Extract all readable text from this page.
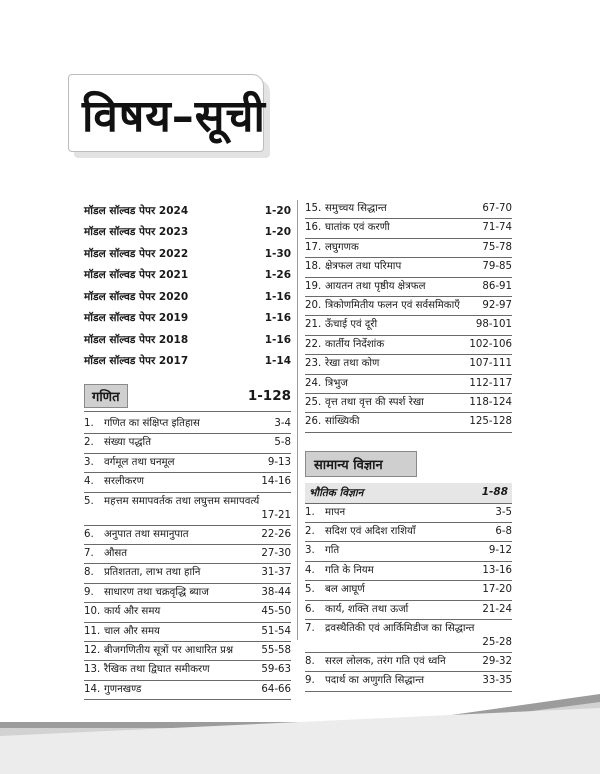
विषय–सूची
मॉडल सॉल्वड पेपर 2024	1-20
मॉडल सॉल्वड पेपर 2023	1-20
मॉडल सॉल्वड पेपर 2022	1-30
मॉडल सॉल्वड पेपर 2021	1-26
मॉडल सॉल्वड पेपर 2020	1-16
मॉडल सॉल्वड पेपर 2019	1-16
मॉडल सॉल्वड पेपर 2018	1-16
मॉडल सॉल्वड पेपर 2017	1-14
गणित	1-128
1.	गणित का संक्षिप्त इतिहास	3-4
2.	संख्या पद्धति	5-8
3.	वर्गमूल तथा घनमूल	9-13
4.	सरलीकरण	14-16
5.	महत्तम समापवर्तक तथा लघुत्तम समापवर्त्य
17-21
6.	अनुपात तथा समानुपात	22-26
7.	औसत	27-30
8.	प्रतिशतता, लाभ तथा हानि	31-37
9.	साधारण तथा चक्रवृद्धि ब्याज	38-44
10. कार्य और समय	45-50
11. चाल और समय	51-54
12. बीजगणितीय सूत्रों पर आधारित प्रश्न	55-58
13. रैखिक तथा द्विघात समीकरण	59-63
14. गुणनखण्ड	64-66
15. समुच्चय सिद्धान्त	67-70
16. घातांक एवं करणी	71-74
17. लघुगणक	75-78
18. क्षेत्रफल तथा परिमाप	79-85
19. आयतन तथा पृष्ठीय क्षेत्रफल	86-91
20. त्रिकोणमितीय फलन एवं सर्वसमिकाएँ	92-97
21. ऊँचाई एवं दूरी	98-101
22. कार्तीय निर्देशांक	102-106
23. रेखा तथा कोण	107-111
24. त्रिभुज	112-117
25. वृत्त तथा वृत्त की स्पर्श रेखा	118-124
26. सांख्यिकी	125-128
सामान्य विज्ञान
भौतिक विज्ञान	1-88
1.	मापन	3-5
2.	सदिश एवं अदिश राशियाँ	6-8
3.	गति	9-12
4.	गति के नियम	13-16
5.	बल आघूर्ण	17-20
6.	कार्य, शक्ति तथा ऊर्जा	21-24
7.	द्रवस्थैतिकी एवं आर्किमिडीज का सिद्धान्त
25-28
8.	सरल लोलक, तरंग गति एवं ध्वनि	29-32
9.	पदार्थ का अणुगति सिद्धान्त	33-35
